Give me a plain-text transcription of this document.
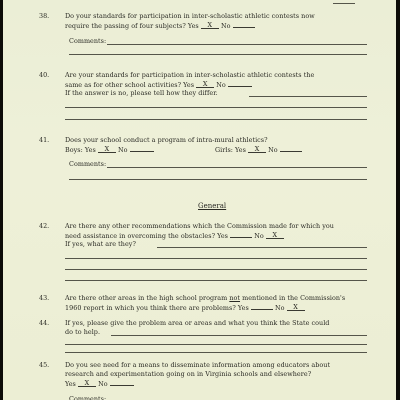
38. Do your standards for participation in inter-scholastic athletic contests now
require the passing of four subjects? Yes X No
Comments:
40. Are your standards for participation in inter-scholastic athletic contests the
same as for other school activities? Yes X No
If the answer is no, please tell how they differ.
41. Does your school conduct a program of intra-mural athletics?
Boys: Yes X No	Girls: Yes X No
Comments:
General
42. Are there any other recommendations which the Commission made for which you
need assistance in overcoming the obstacles? Yes	No X
If yes, what are they?
43. Are there other areas in the high school program not mentioned in the Commission's
1960 report in which you think there are problems? Yes	No X
44. If yes, please give the problem area or areas and what you think the State could
do to help.
45. Do you see need for a means to disseminate information among educators about
research and experimentation going on in Virginia schools and elsewhere?
Yes X No
Comments:
